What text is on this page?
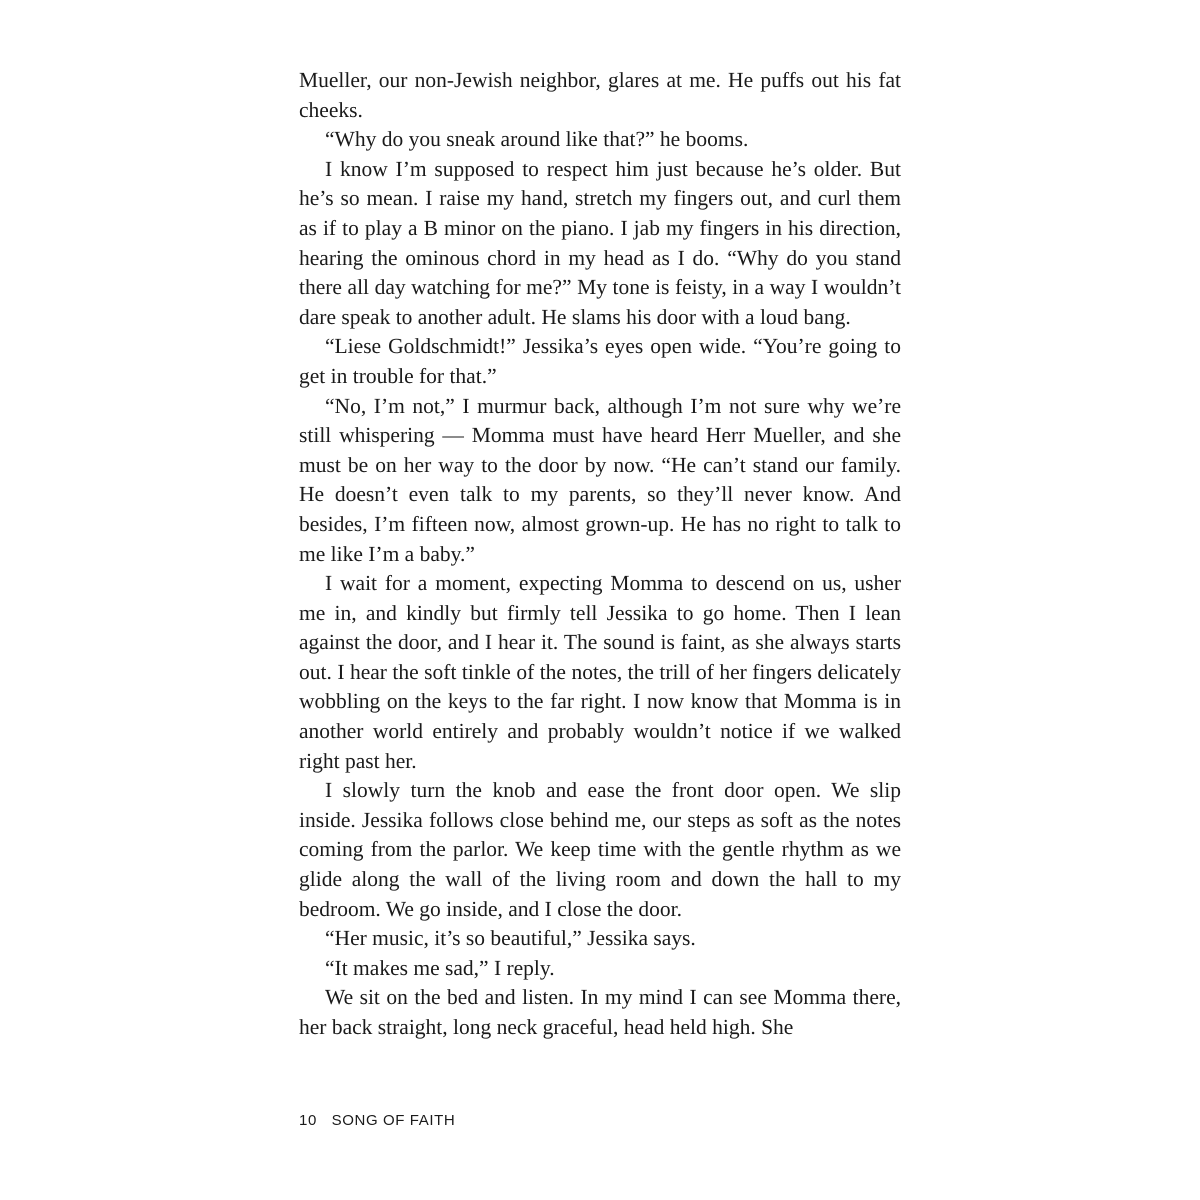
Mueller, our non-Jewish neighbor, glares at me. He puffs out his fat cheeks.

“Why do you sneak around like that?” he booms.

I know I’m supposed to respect him just because he’s older. But he’s so mean. I raise my hand, stretch my fingers out, and curl them as if to play a B minor on the piano. I jab my fingers in his direction, hearing the ominous chord in my head as I do. “Why do you stand there all day watching for me?” My tone is feisty, in a way I wouldn’t dare speak to another adult. He slams his door with a loud bang.

“Liese Goldschmidt!” Jessika’s eyes open wide. “You’re going to get in trouble for that.”

“No, I’m not,” I murmur back, although I’m not sure why we’re still whispering — Momma must have heard Herr Mueller, and she must be on her way to the door by now. “He can’t stand our family. He doesn’t even talk to my parents, so they’ll never know. And besides, I’m fifteen now, almost grown-up. He has no right to talk to me like I’m a baby.”

I wait for a moment, expecting Momma to descend on us, usher me in, and kindly but firmly tell Jessika to go home. Then I lean against the door, and I hear it. The sound is faint, as she always starts out. I hear the soft tinkle of the notes, the trill of her fingers delicately wobbling on the keys to the far right. I now know that Momma is in another world entirely and probably wouldn’t notice if we walked right past her.

I slowly turn the knob and ease the front door open. We slip inside. Jessika follows close behind me, our steps as soft as the notes coming from the parlor. We keep time with the gentle rhythm as we glide along the wall of the living room and down the hall to my bedroom. We go inside, and I close the door.

“Her music, it’s so beautiful,” Jessika says.

“It makes me sad,” I reply.

We sit on the bed and listen. In my mind I can see Momma there, her back straight, long neck graceful, head held high. She

10 SONG OF FAITH
